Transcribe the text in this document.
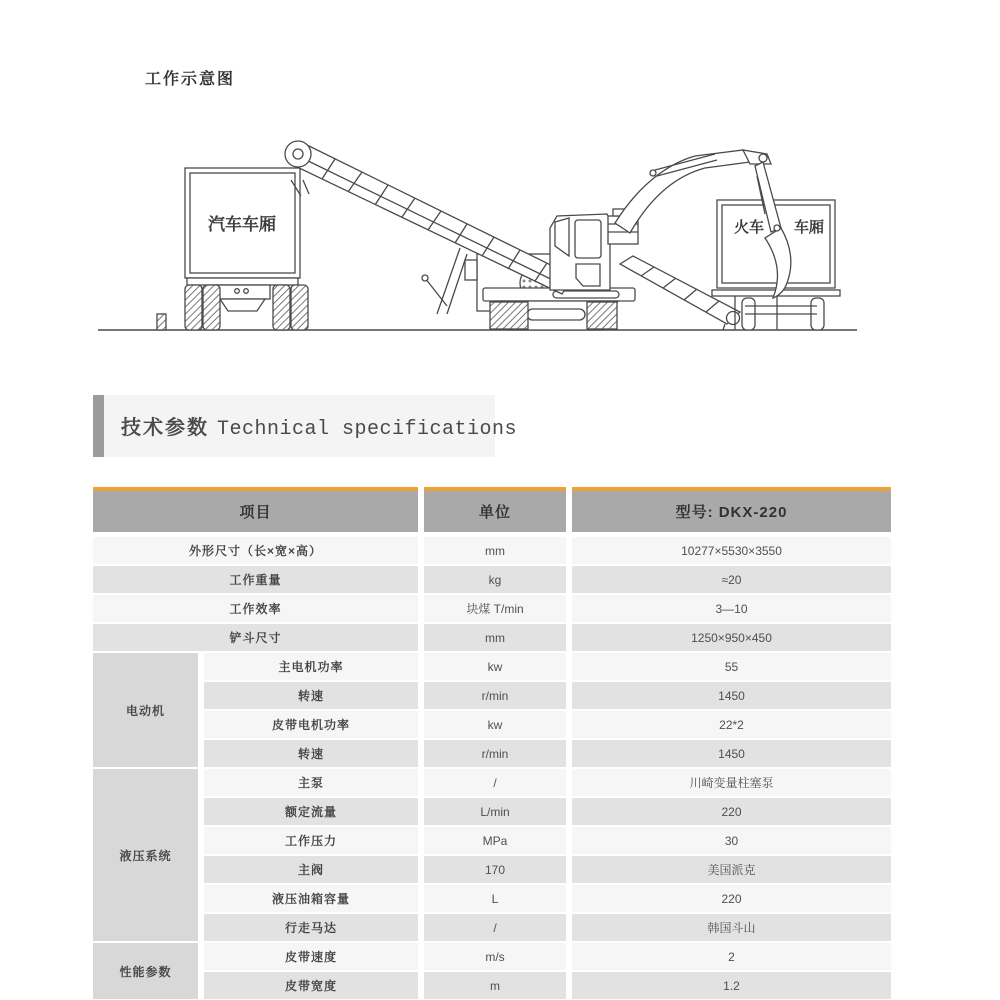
工作示意图
汽车车厢	火车 车厢
技术参数 Technical specifications
项目	单位	型号: DKX-220
外形尺寸（长×宽×高）	mm	10277×5530×3550
工作重量	kg	≈20
工作效率	块煤 T/min	3—10
铲斗尺寸	mm	1250×950×450
电动机
主电机功率	kw	55
转速	r/min	1450
皮带电机功率	kw	22*2
转速	r/min	1450
液压系统
主泵	/	川崎变量柱塞泵
额定流量	L/min	220
工作压力	MPa	30
主阀	170	美国派克
液压油箱容量	L	220
行走马达	/	韩国斗山
性能参数
皮带速度	m/s	2
皮带宽度	m	1.2
